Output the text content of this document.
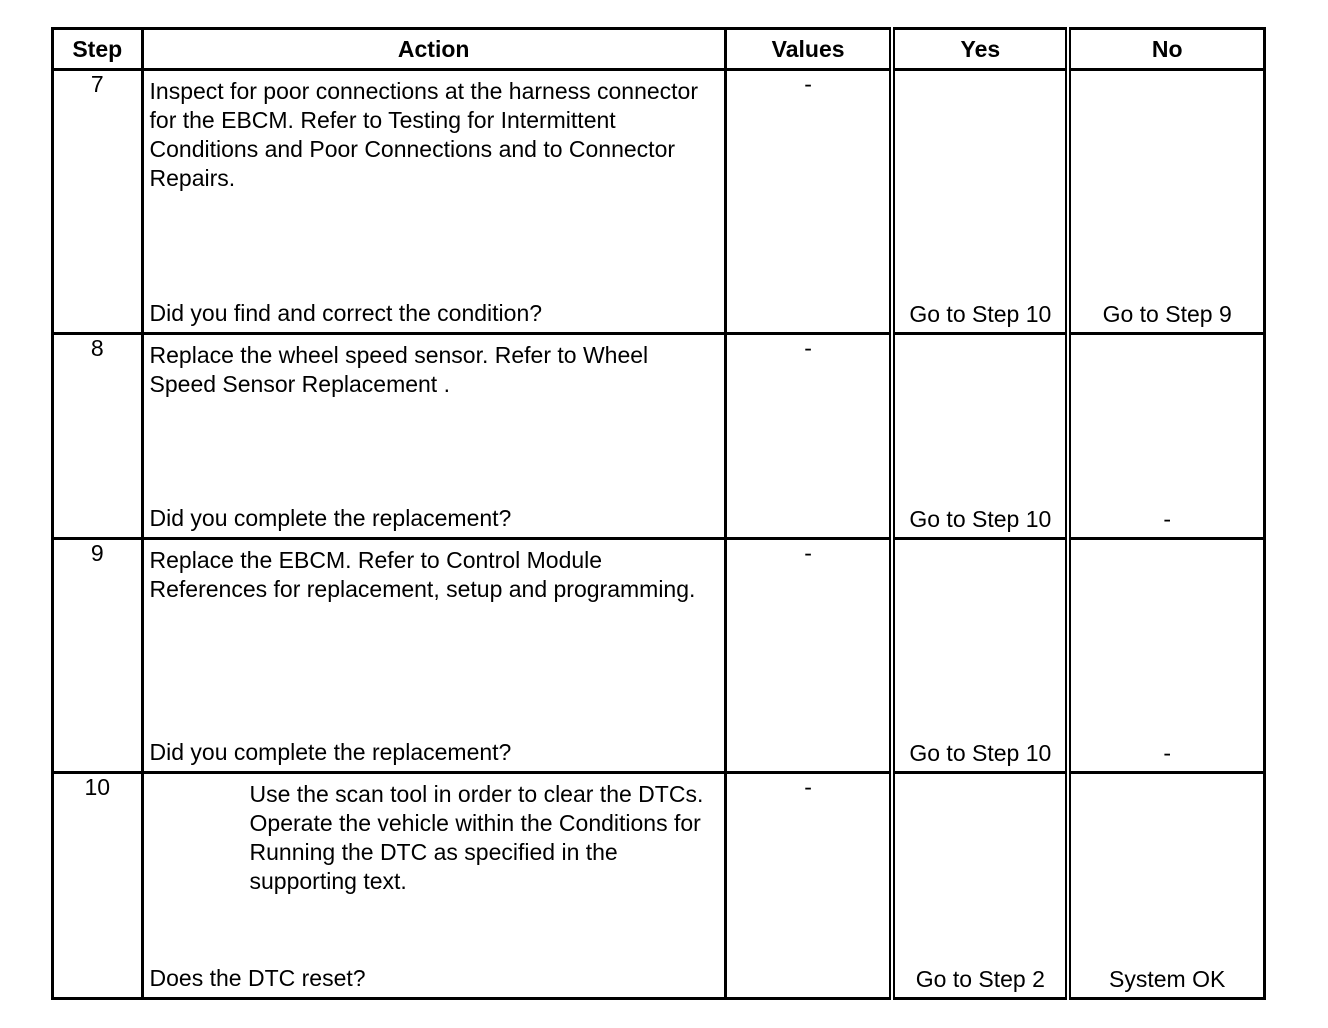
Step	Action	Values	Yes	No
7	Inspect for poor connections at the harness connector for the EBCM. Refer to Testing for Intermittent Conditions and Poor Connections and to Connector Repairs.
Did you find and correct the condition?	-	Go to Step 10	Go to Step 9

8	Replace the wheel speed sensor. Refer to Wheel Speed Sensor Replacement .
Did you complete the replacement?	-	Go to Step 10	-

9	Replace the EBCM. Refer to Control Module References for replacement, setup and programming.
Did you complete the replacement?	-	Go to Step 10	-

10	Use the scan tool in order to clear the DTCs.
Operate the vehicle within the Conditions for Running the DTC as specified in the supporting text.
Does the DTC reset?	-	Go to Step 2	System OK
